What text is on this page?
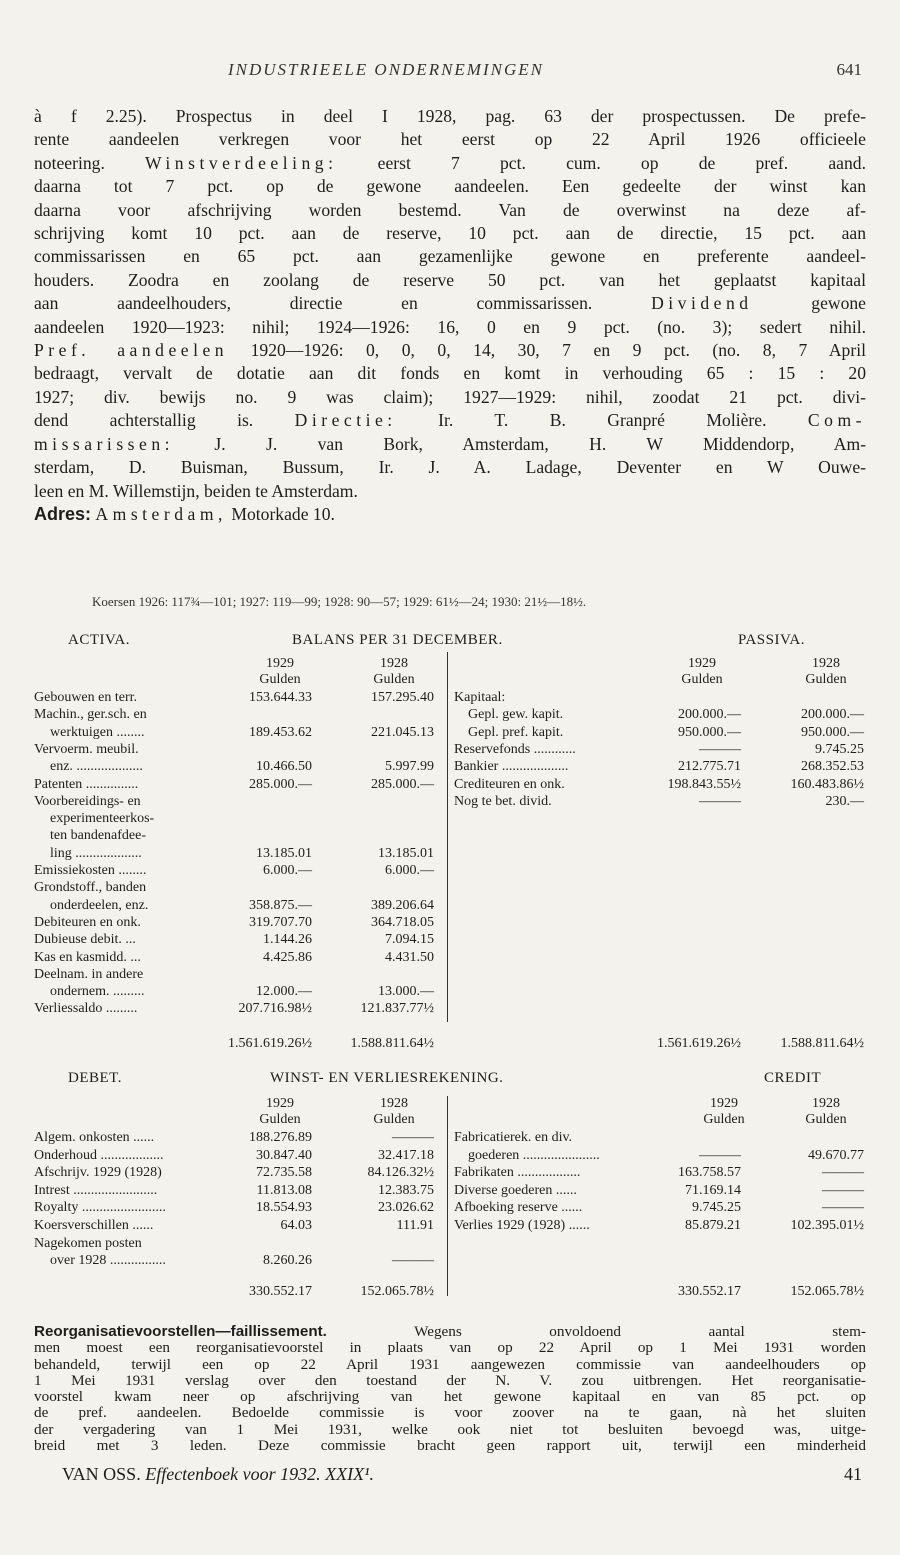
INDUSTRIEELE ONDERNEMINGEN	641

à f 2.25). Prospectus in deel I 1928, pag. 63 der prospectussen. De prefe-

rente aandeelen verkregen voor het eerst op 22 April 1926 officieele

noteering. Winstverdeeling: eerst 7 pct. cum. op de pref. aand.

daarna tot 7 pct. op de gewone aandeelen. Een gedeelte der winst kan

daarna voor afschrijving worden bestemd. Van de overwinst na deze af-

schrijving komt 10 pct. aan de reserve, 10 pct. aan de directie, 15 pct. aan

commissarissen en 65 pct. aan gezamenlijke gewone en preferente aandeel-

houders. Zoodra en zoolang de reserve 50 pct. van het geplaatst kapitaal

aan aandeelhouders, directie en commissarissen.	Dividend	gewone

aandeelen 1920—1923: nihil; 1924—1926: 16, 0 en 9 pct. (no. 3); sedert nihil.

Pref. aandeelen 1920—1926: 0, 0, 0, 14, 30, 7 en 9 pct. (no. 8, 7 April

bedraagt, vervalt de dotatie aan dit fonds en komt in verhouding 65 : 15 : 20

1927; div. bewijs no. 9 was claim); 1927—1929: nihil, zoodat 21 pct. divi-

dend achterstallig is. Directie: Ir. T. B. Granpré Molière. Com-

missarissen: J. J. van Bork, Amsterdam, H. W Middendorp, Am-

sterdam, D. Buisman, Bussum, Ir. J. A. Ladage, Deventer en W Ouwe-

leen en M. Willemstijn, beiden te Amsterdam.

Adres: Amsterdam, Motorkade 10.

Koersen 1926: 117¾—101; 1927: 119—99; 1928: 90—57; 1929: 61½—24; 1930: 21½—18½.
ACTIVA.	BALANS PER 31 DECEMBER.	PASSIVA.
1929	1928
Gulden	Gulden
1929	1928
Gulden	Gulden
Gebouwen en terr.	153.644.33	157.295.40
Machin., ger.sch. en
werktuigen ........	189.453.62	221.045.13
Vervoerm. meubil.
enz. ...................	10.466.50	5.997.99
Patenten ...............	285.000.—	285.000.—
Voorbereidings- en
experimenteerkos-
ten bandenafdee-
ling ...................	13.185.01	13.185.01
Emissiekosten ........	6.000.—	6.000.—
Grondstoff., banden
onderdeelen, enz.	358.875.—	389.206.64
Debiteuren en onk.	319.707.70	364.718.05
Dubieuse debit. ...	1.144.26	7.094.15
Kas en kasmidd. ...	4.425.86	4.431.50
Deelnam. in andere
ondernem. .........	12.000.—	13.000.—
Verliessaldo .........	207.716.98½	121.837.77½
Kapitaal:
Gepl. gew. kapit.	200.000.—	200.000.—
Gepl. pref. kapit.	950.000.—	950.000.—
Reservefonds ............	———	9.745.25
Bankier ...................	212.775.71	268.352.53
Crediteuren en onk.	198.843.55½	160.483.86½
Nog te bet. divid.	———	230.—
1.561.619.26½	1.588.811.64½	1.561.619.26½	1.588.811.64½
DEBET.	WINST- EN VERLIESREKENING.	CREDIT
1929	1928
Gulden	Gulden
1929	1928
Gulden	Gulden
Algem. onkosten ......	188.276.89	———
Onderhoud ..................	30.847.40	32.417.18
Afschrijv. 1929 (1928)	72.735.58	84.126.32½
Intrest ........................	11.813.08	12.383.75
Royalty ........................	18.554.93	23.026.62
Koersverschillen ......	64.03	111.91
Nagekomen posten
over 1928 ................	8.260.26	———
Fabricatierek. en div.
goederen ......................	———	49.670.77
Fabrikaten ..................	163.758.57	———
Diverse goederen ......	71.169.14	———
Afboeking reserve ......	9.745.25	———
Verlies 1929 (1928) ......	85.879.21	102.395.01½
330.552.17	152.065.78½	330.552.17	152.065.78½

Reorganisatievoorstellen—faillissement.	Wegens onvoldoend aantal stem-

men moest een reorganisatievoorstel in plaats van op 22 April op 1 Mei 1931 worden

behandeld, terwijl een op 22 April 1931 aangewezen commissie van aandeelhouders op

1 Mei 1931 verslag over den toestand der N. V. zou uitbrengen. Het reorganisatie-

voorstel kwam neer op afschrijving van het gewone kapitaal en van 85 pct. op

de pref. aandeelen. Bedoelde commissie is voor zoover na te gaan, nà het sluiten

der vergadering van 1 Mei 1931, welke ook niet tot besluiten bevoegd was, uitge-

breid met 3 leden. Deze commissie bracht geen rapport uit, terwijl een minderheid

VAN OSS. Effectenboek voor 1932. XXIX¹.	41
